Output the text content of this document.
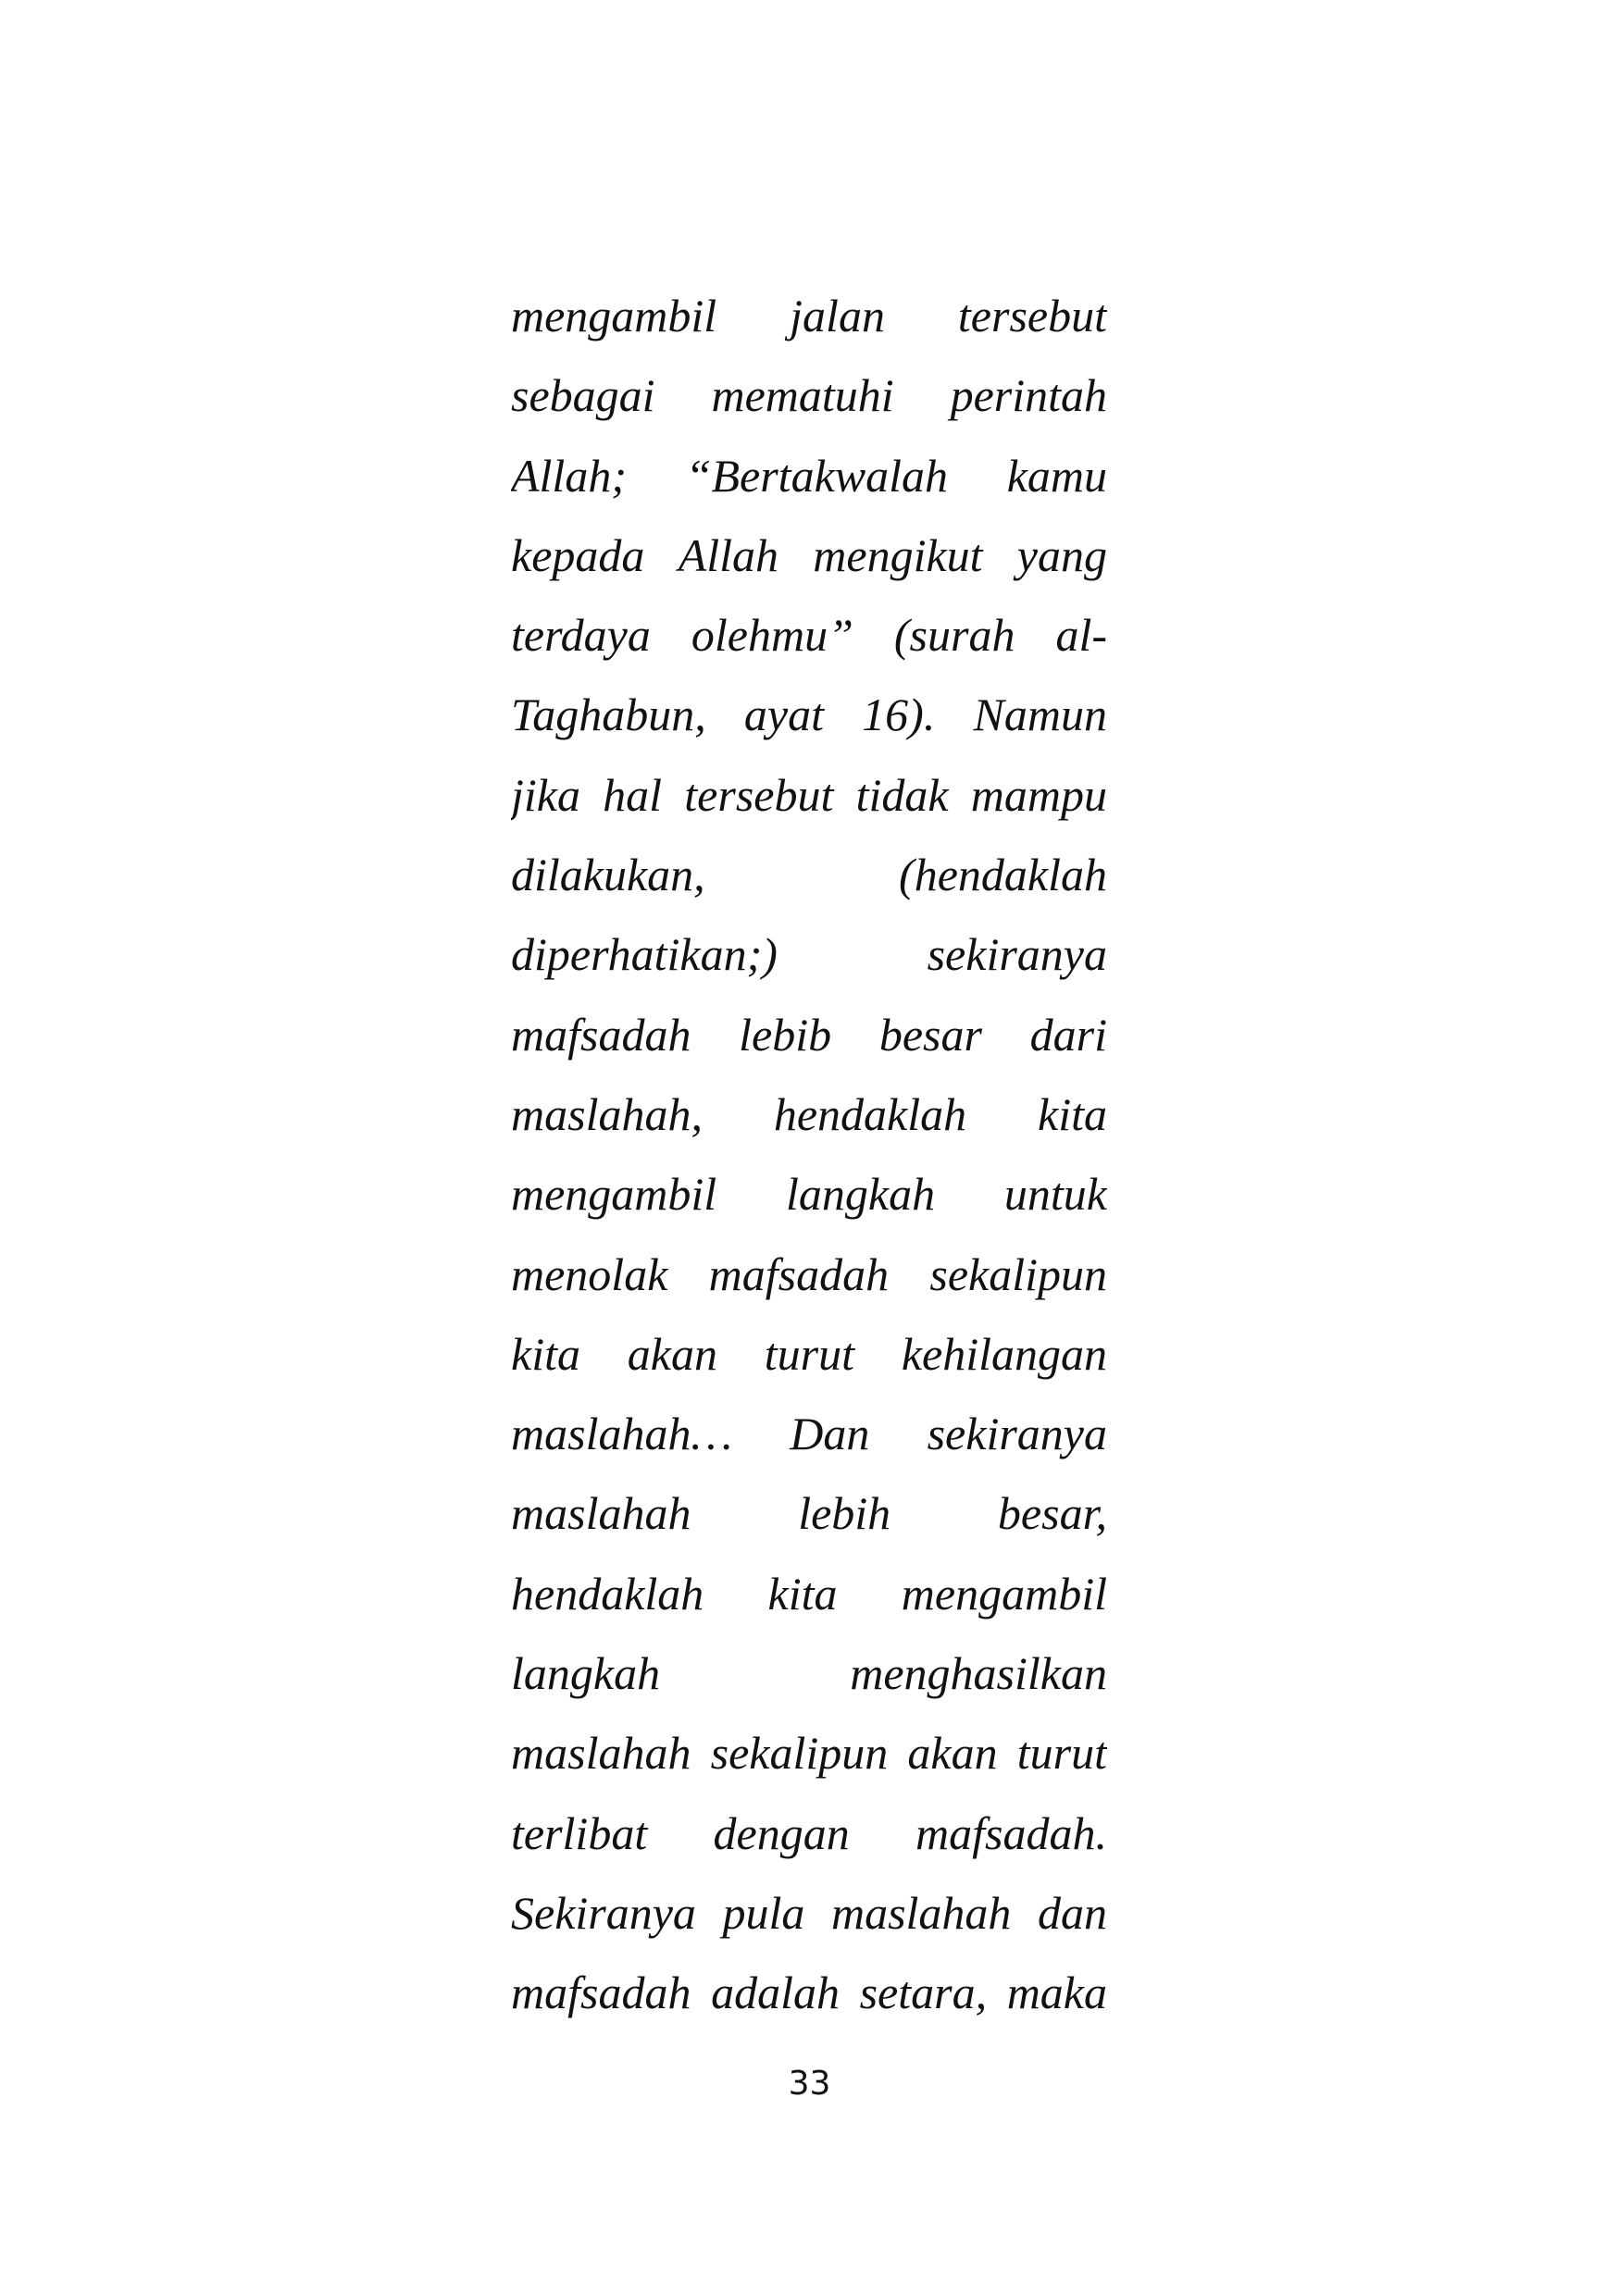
mengambil jalan tersebut
sebagai mematuhi perintah
Allah; “Bertakwalah kamu
kepada Allah mengikut yang
terdaya olehmu” (surah al-
Taghabun, ayat 16). Namun
jika hal tersebut tidak mampu
dilakukan, (hendaklah
diperhatikan;) sekiranya
mafsadah lebib besar dari
maslahah, hendaklah kita
mengambil langkah untuk
menolak mafsadah sekalipun
kita akan turut kehilangan
maslahah… Dan sekiranya
maslahah lebih besar,
hendaklah kita mengambil
langkah menghasilkan
maslahah sekalipun akan turut
terlibat dengan mafsadah.
Sekiranya pula maslahah dan
mafsadah adalah setara, maka
33
